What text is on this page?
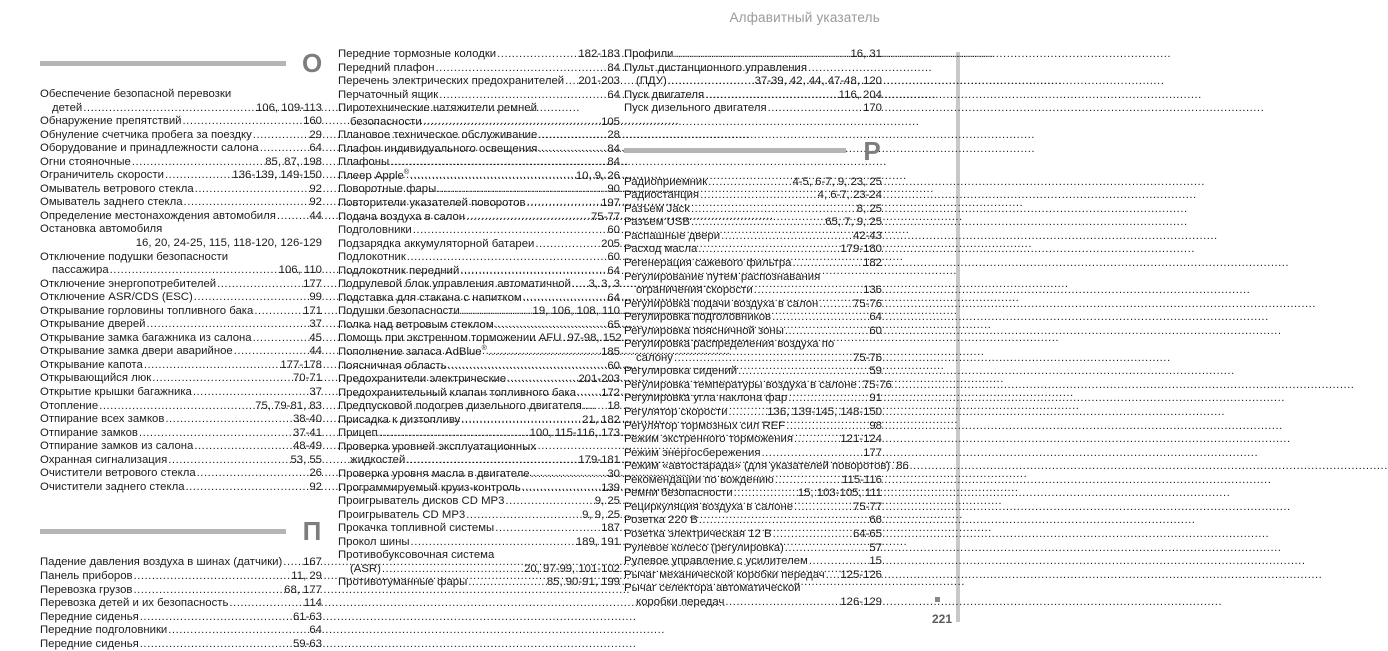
Алфавитный указатель
О
Обеспечение безопасной перевозки
детей .....	106, 109-113
Обнаружение препятствий .....	160
Обнуление счетчика пробега за поездку .....	29
Оборудование и принадлежности салона .....	64
Огни стояночные .....	85, 87, 198
Ограничитель скорости .....	136-139, 149-150
Омыватель ветрового стекла .....	92
Омыватель заднего стекла .....	92
Определение местонахождения автомобиля .....	44
Остановка автомобиля
16, 20, 24-25, 115, 118-120, 126-129
Отключение подушки безопасности
пассажира .....	106, 110
Отключение энергопотребителей .....	177
Отключение ASR/CDS (ESC) .....	99
Открывание горловины топливного бака .....	171
Открывание дверей .....	37
Открывание замка багажника из салона .....	45
Открывание замка двери аварийное .....	44
Открывание капота .....	177-178
Открывающийся люк .....	70-71
Открытие крышки багажника .....	37
Отопление .....	75, 79-81, 83
Отпирание всех замков .....	38-40
Отпирание замков .....	37-41
Отпирание замков из салона .....	48-49
Охранная сигнализация .....	53, 55
Очистители ветрового стекла .....	26
Очистители заднего стекла .....	92
П
Падение давления воздуха в шинах (датчики) ..... 167
Панель приборов .....	11, 29
Перевозка грузов .....	68, 177
Перевозка детей и их безопасность .....	114
Передние сиденья .....	61-63
Передние подголовники .....	64
Передние сиденья .....	59-63
Передние тормозные колодки .....	182-183
Передний плафон .....	84
Перечень электрических предохранителей ..... 201-203
Перчаточный ящик .....	64
Пиротехнические натяжители ремней
безопасности .....	105
Плановое техническое обслуживание .....	28
Плафон индивидуального освещения .....	84
Плафоны .....	84
Плеер Apple® .....	10, 9, 26
Поворотные фары .....	90
Повторители указателей поворотов .....	197
Подача воздуха в салон .....	75-77
Подголовники .....	60
Подзарядка аккумуляторной батареи .....	205
Подлокотник .....	60
Подлокотник передний .....	64
Подрулевой блок управления автоматичной ..... 3, 3, 3
Подставка для стакана с напитком .....	64
Подушки безопасности .....	19, 106, 108, 110
Полка над ветровым стеклом .....	65
Помощь при экстренном торможении AFU ..... 97-98, 152
Пополнение запаса AdBlue® .....	185
Поясничная область .....	60
Предохранители электрические .....	201-203
Предохранительный клапан топливного бака ..... 172
Предпусковой подогрев дизельного двигателя ..... 18
Присадка к дизтопливу .....	21, 182
Прицеп .....	100, 115-116, 173
Проверка уровней эксплуатационных
жидкостей .....	179-181
Проверка уровня масла в двигателе .....	30
Программируемый круиз-контроль .....	139
Проигрыватель дисков CD MP3 .....	9, 25
Проигрыватель CD MP3 .....	9, 9, 25
Прокачка топливной системы .....	187
Прокол шины .....	189, 191
Противобуксовочная система
(ASR) .....	20, 97-99, 101-102
Противотуманные фары .....	85, 90-91, 199
Профили .....	16, 31
Пульт дистанционного управления
(ПДУ) .....	37-39, 42, 44, 47-48, 120
Пуск двигателя .....	116, 204
Пуск дизельного двигателя .....	170
Р
Радиоприемник .....	4-5, 6-7, 9, 23, 25
Радиостанция .....	4, 6-7, 23-24
Разъем Jack .....	8, 25
Разъем USB .....	65, 7, 9, 25
Распашные двери .....	42-43
Расход масла .....	179-180
Регенерация сажевого фильтра .....	182
Регулирование путем распознавания
ограничения скорости .....	136
Регулировка подачи воздуха в салон .....	75-76
Регулировка подголовников .....	64
Регулировка поясничной зоны .....	60
Регулировка распределения воздуха по
салону .....	75-76
Регулировка сидений .....	59
Регулировка температуры воздуха в салоне ..... 75-76
Регулировка угла наклона фар .....	91
Регулятор скорости .....	136, 139-145, 148-150
Регулятор тормозных сил REF .....	98
Режим экстренного торможения .....	121-124
Режим энергосбережения .....	177
Режим «автостарада» (для указателей поворотов) ..... 86
Рекомендации по вождению .....	115-116
Ремни безопасности .....	15, 103-105, 111
Рециркуляция воздуха в салоне .....	75-77
Розетка 220 В .....	66
Розетка электрическая 12 В .....	64-65
Рулевое колесо (регулировка) .....	57
Рулевое управление с усилителем .....	15
Рычаг механической коробки передач ..... 125-126
Рычаг селектора автоматической
коробки передач .....	126-129
221
